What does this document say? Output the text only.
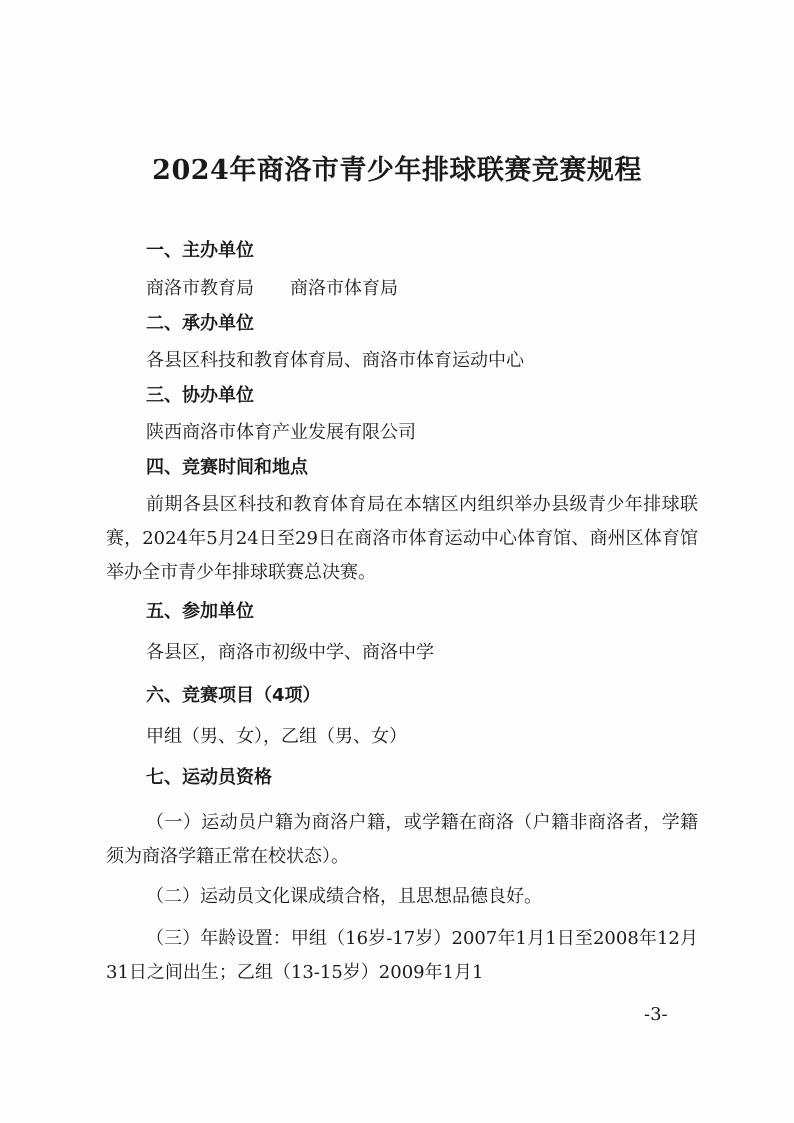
2024年商洛市青少年排球联赛竞赛规程
一、主办单位
商洛市教育局　　商洛市体育局
二、承办单位
各县区科技和教育体育局、商洛市体育运动中心
三、协办单位
陕西商洛市体育产业发展有限公司
四、竞赛时间和地点
前期各县区科技和教育体育局在本辖区内组织举办县级青少年排球联赛，2024年5月24日至29日在商洛市体育运动中心体育馆、商州区体育馆举办全市青少年排球联赛总决赛。
五、参加单位
各县区，商洛市初级中学、商洛中学
六、竞赛项目（4项）
甲组（男、女），乙组（男、女）
七、运动员资格
（一）运动员户籍为商洛户籍，或学籍在商洛（户籍非商洛者，学籍须为商洛学籍正常在校状态）。
（二）运动员文化课成绩合格，且思想品德良好。
（三）年龄设置：甲组（16岁-17岁）2007年1月1日至2008年12月31日之间出生；乙组（13-15岁）2009年1月1
-3-
